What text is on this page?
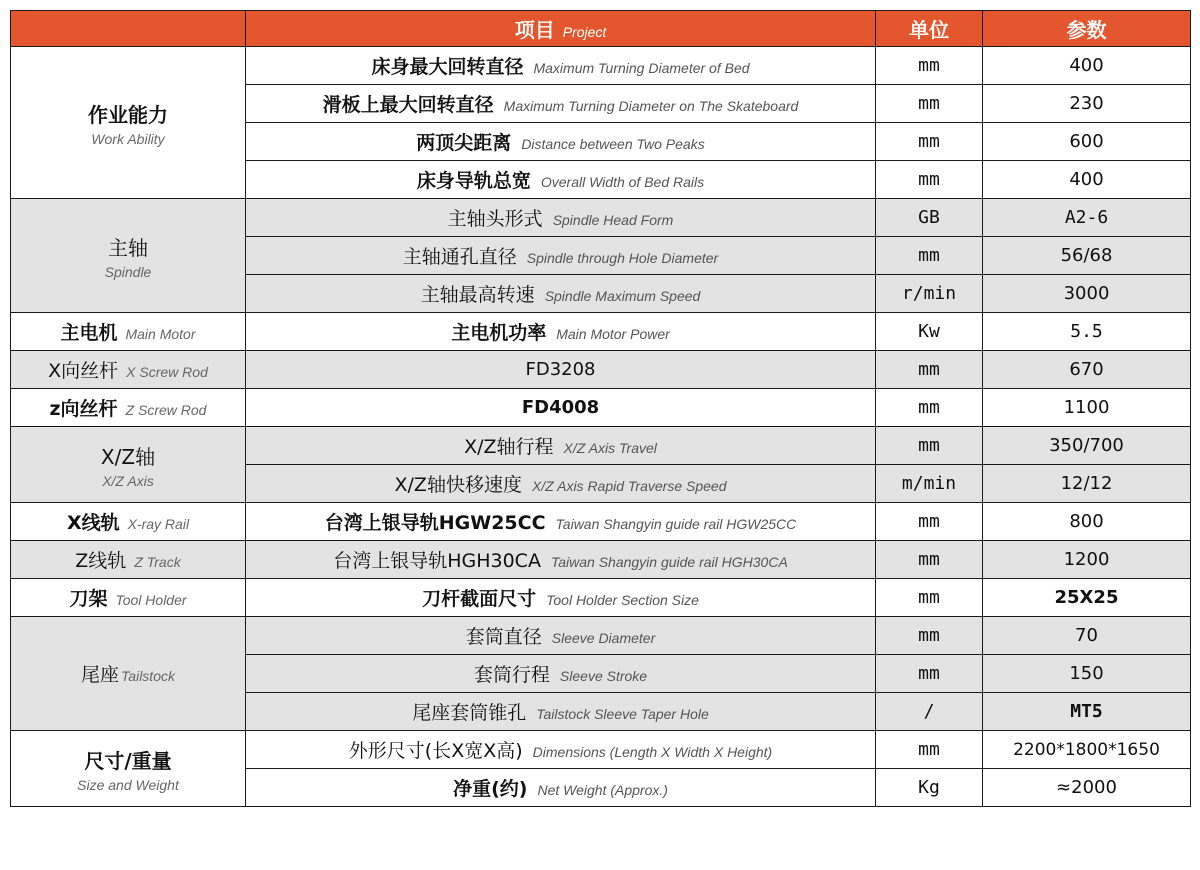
	项目 Project	单位	参数

作业能力
Work Ability	床身最大回转直径 Maximum Turning Diameter of Bed	mm	400
	滑板上最大回转直径 Maximum Turning Diameter on The Skateboard	mm	230
	两顶尖距离 Distance between Two Peaks	mm	600
	床身导轨总宽 Overall Width of Bed Rails	mm	400

主轴
Spindle	主轴头形式 Spindle Head Form	GB	A2-6
	主轴通孔直径 Spindle through Hole Diameter	mm	56/68
	主轴最高转速 Spindle Maximum Speed	r/min	3000
主电机 Main Motor	主电机功率 Main Motor Power	Kw	5.5
X向丝杆 X Screw Rod	FD3208	mm	670
z向丝杆 Z Screw Rod	FD4008	mm	1100

X/Z轴
X/Z Axis	X/Z轴行程 X/Z Axis Travel	mm	350/700
	X/Z轴快移速度 X/Z Axis Rapid Traverse Speed	m/min	12/12
X线轨 X-ray Rail	台湾上银导轨HGW25CC Taiwan Shangyin guide rail HGW25CC	mm	800
Z线轨 Z Track	台湾上银导轨HGH30CA Taiwan Shangyin guide rail HGH30CA	mm	1200
刀架 Tool Holder	刀杆截面尺寸 Tool Holder Section Size	mm	25X25
尾座 Tailstock	套筒直径 Sleeve Diameter	mm	70
	套筒行程 Sleeve Stroke	mm	150
	尾座套筒锥孔 Tailstock Sleeve Taper Hole	/	MT5

尺寸/重量
Size and Weight	外形尺寸(长X宽X高) Dimensions (Length X Width X Height)	mm	2200*1800*1650
	净重(约) Net Weight (Approx.)	Kg	≈2000
